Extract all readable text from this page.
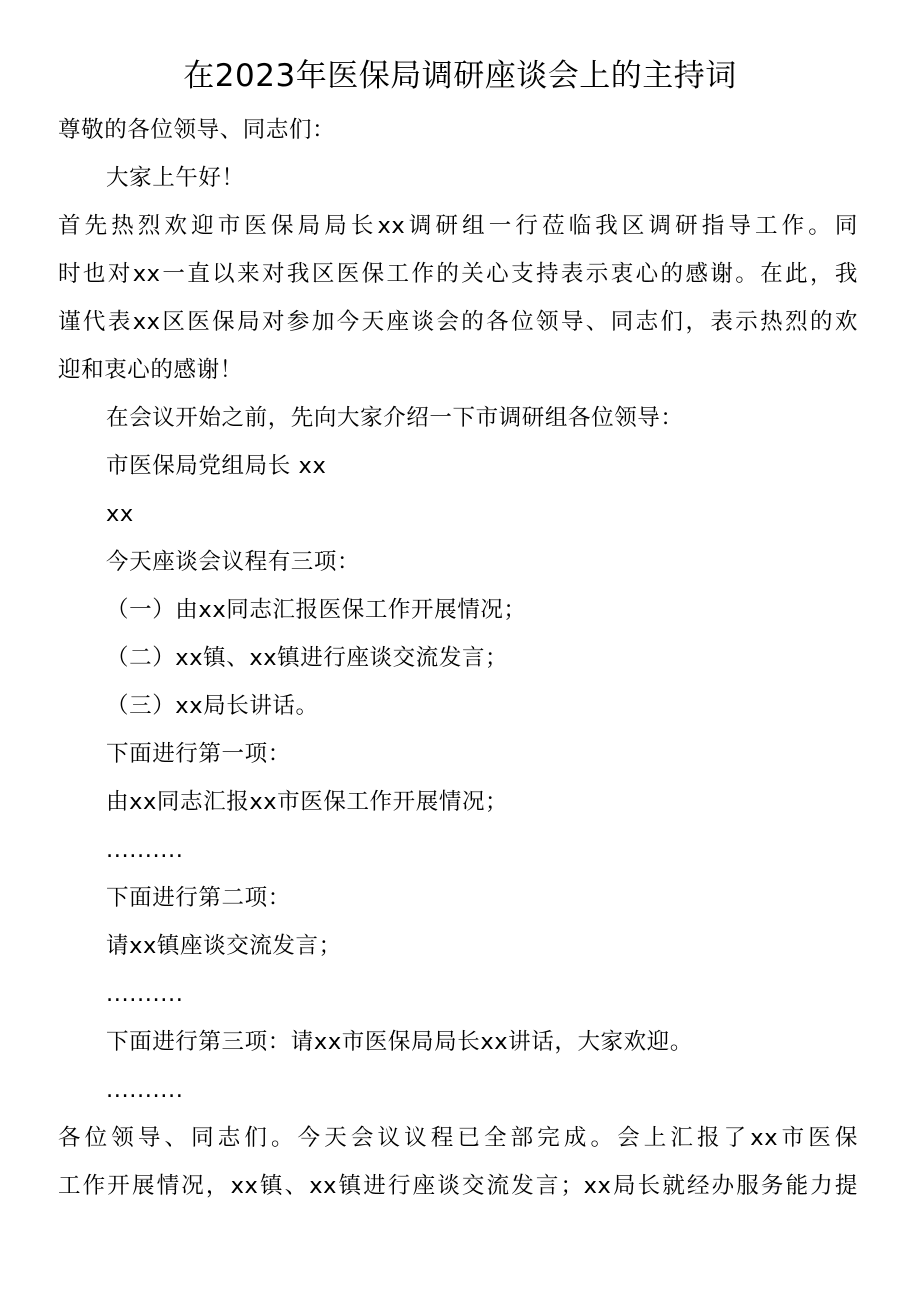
在2023年医保局调研座谈会上的主持词
尊敬的各位领导、同志们：
大家上午好！
首先热烈欢迎市医保局局长xx调研组一行莅临我区调研指导工作。同
时也对xx一直以来对我区医保工作的关心支持表示衷心的感谢。在此，我
谨代表xx区医保局对参加今天座谈会的各位领导、同志们，表示热烈的欢
迎和衷心的感谢！
在会议开始之前，先向大家介绍一下市调研组各位领导：
市医保局党组局长 xx
xx
今天座谈会议程有三项：
（一）由xx同志汇报医保工作开展情况；
（二）xx镇、xx镇进行座谈交流发言；
（三）xx局长讲话。
下面进行第一项：
由xx同志汇报xx市医保工作开展情况；
..........
下面进行第二项：
请xx镇座谈交流发言；
..........
下面进行第三项：请xx市医保局局长xx讲话，大家欢迎。
..........
各位领导、同志们。今天会议议程已全部完成。会上汇报了xx市医保
工作开展情况，xx镇、xx镇进行座谈交流发言；xx局长就经办服务能力提
